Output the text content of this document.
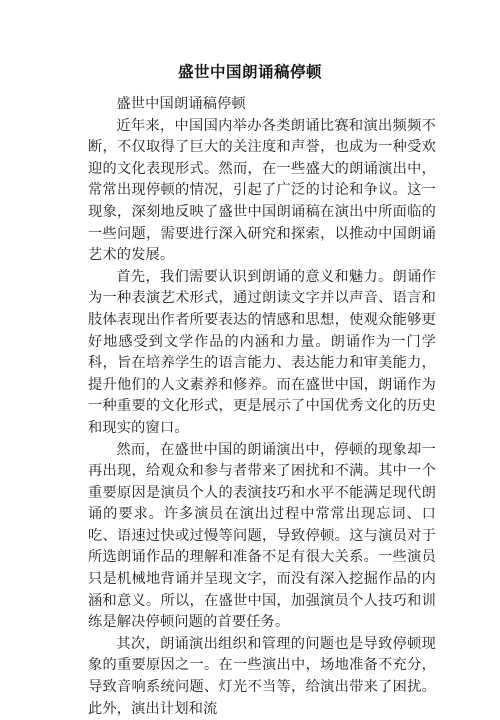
盛世中国朗诵稿停顿

盛世中国朗诵稿停顿

近年来，中国国内举办各类朗诵比赛和演出频频不断，不仅取得了巨大的关注度和声誉，也成为一种受欢迎的文化表现形式。然而，在一些盛大的朗诵演出中，常常出现停顿的情况，引起了广泛的讨论和争议。这一现象，深刻地反映了盛世中国朗诵稿在演出中所面临的一些问题，需要进行深入研究和探索，以推动中国朗诵艺术的发展。

首先，我们需要认识到朗诵的意义和魅力。朗诵作为一种表演艺术形式，通过朗读文字并以声音、语言和肢体表现出作者所要表达的情感和思想，使观众能够更好地感受到文学作品的内涵和力量。朗诵作为一门学科，旨在培养学生的语言能力、表达能力和审美能力，提升他们的人文素养和修养。而在盛世中国，朗诵作为一种重要的文化形式，更是展示了中国优秀文化的历史和现实的窗口。

然而，在盛世中国的朗诵演出中，停顿的现象却一再出现，给观众和参与者带来了困扰和不满。其中一个重要原因是演员个人的表演技巧和水平不能满足现代朗诵的要求。许多演员在演出过程中常常出现忘词、口吃、语速过快或过慢等问题，导致停顿。这与演员对于所选朗诵作品的理解和准备不足有很大关系。一些演员只是机械地背诵并呈现文字，而没有深入挖掘作品的内涵和意义。所以，在盛世中国，加强演员个人技巧和训练是解决停顿问题的首要任务。

其次，朗诵演出组织和管理的问题也是导致停顿现象的重要原因之一。在一些演出中，场地准备不充分，导致音响系统问题、灯光不当等，给演出带来了困扰。此外，演出计划和流
